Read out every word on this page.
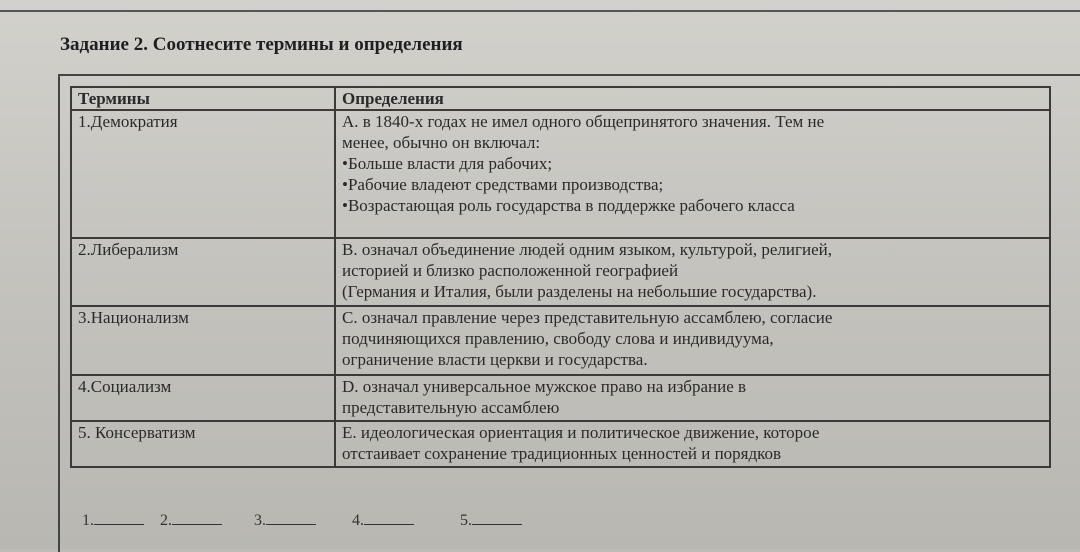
Задание 2. Соотнесите термины и определения
Термины	Определения
1.Демократия	А. в 1840-х годах не имел одного общепринятого значения. Тем не
менее, обычно он включал:
•Больше власти для рабочих;
•Рабочие владеют средствами производства;
•Возрастающая роль государства в поддержке рабочего класса

2.Либерализм	В. означал объединение людей одним языком, культурой, религией,
историей и близко расположенной географией
(Германия и Италия, были разделены на небольшие государства).

3.Национализм	С. означал правление через представительную ассамблею, согласие
подчиняющихся правлению, свободу слова и индивидуума,
ограничение власти церкви и государства.

4.Социализм	D. означал универсальное мужское право на избрание в
представительную ассамблею

5. Консерватизм	Е. идеологическая ориентация и политическое движение, которое
отстаивает сохранение традиционных ценностей и порядков
1.	2.	3.	4.	5.
